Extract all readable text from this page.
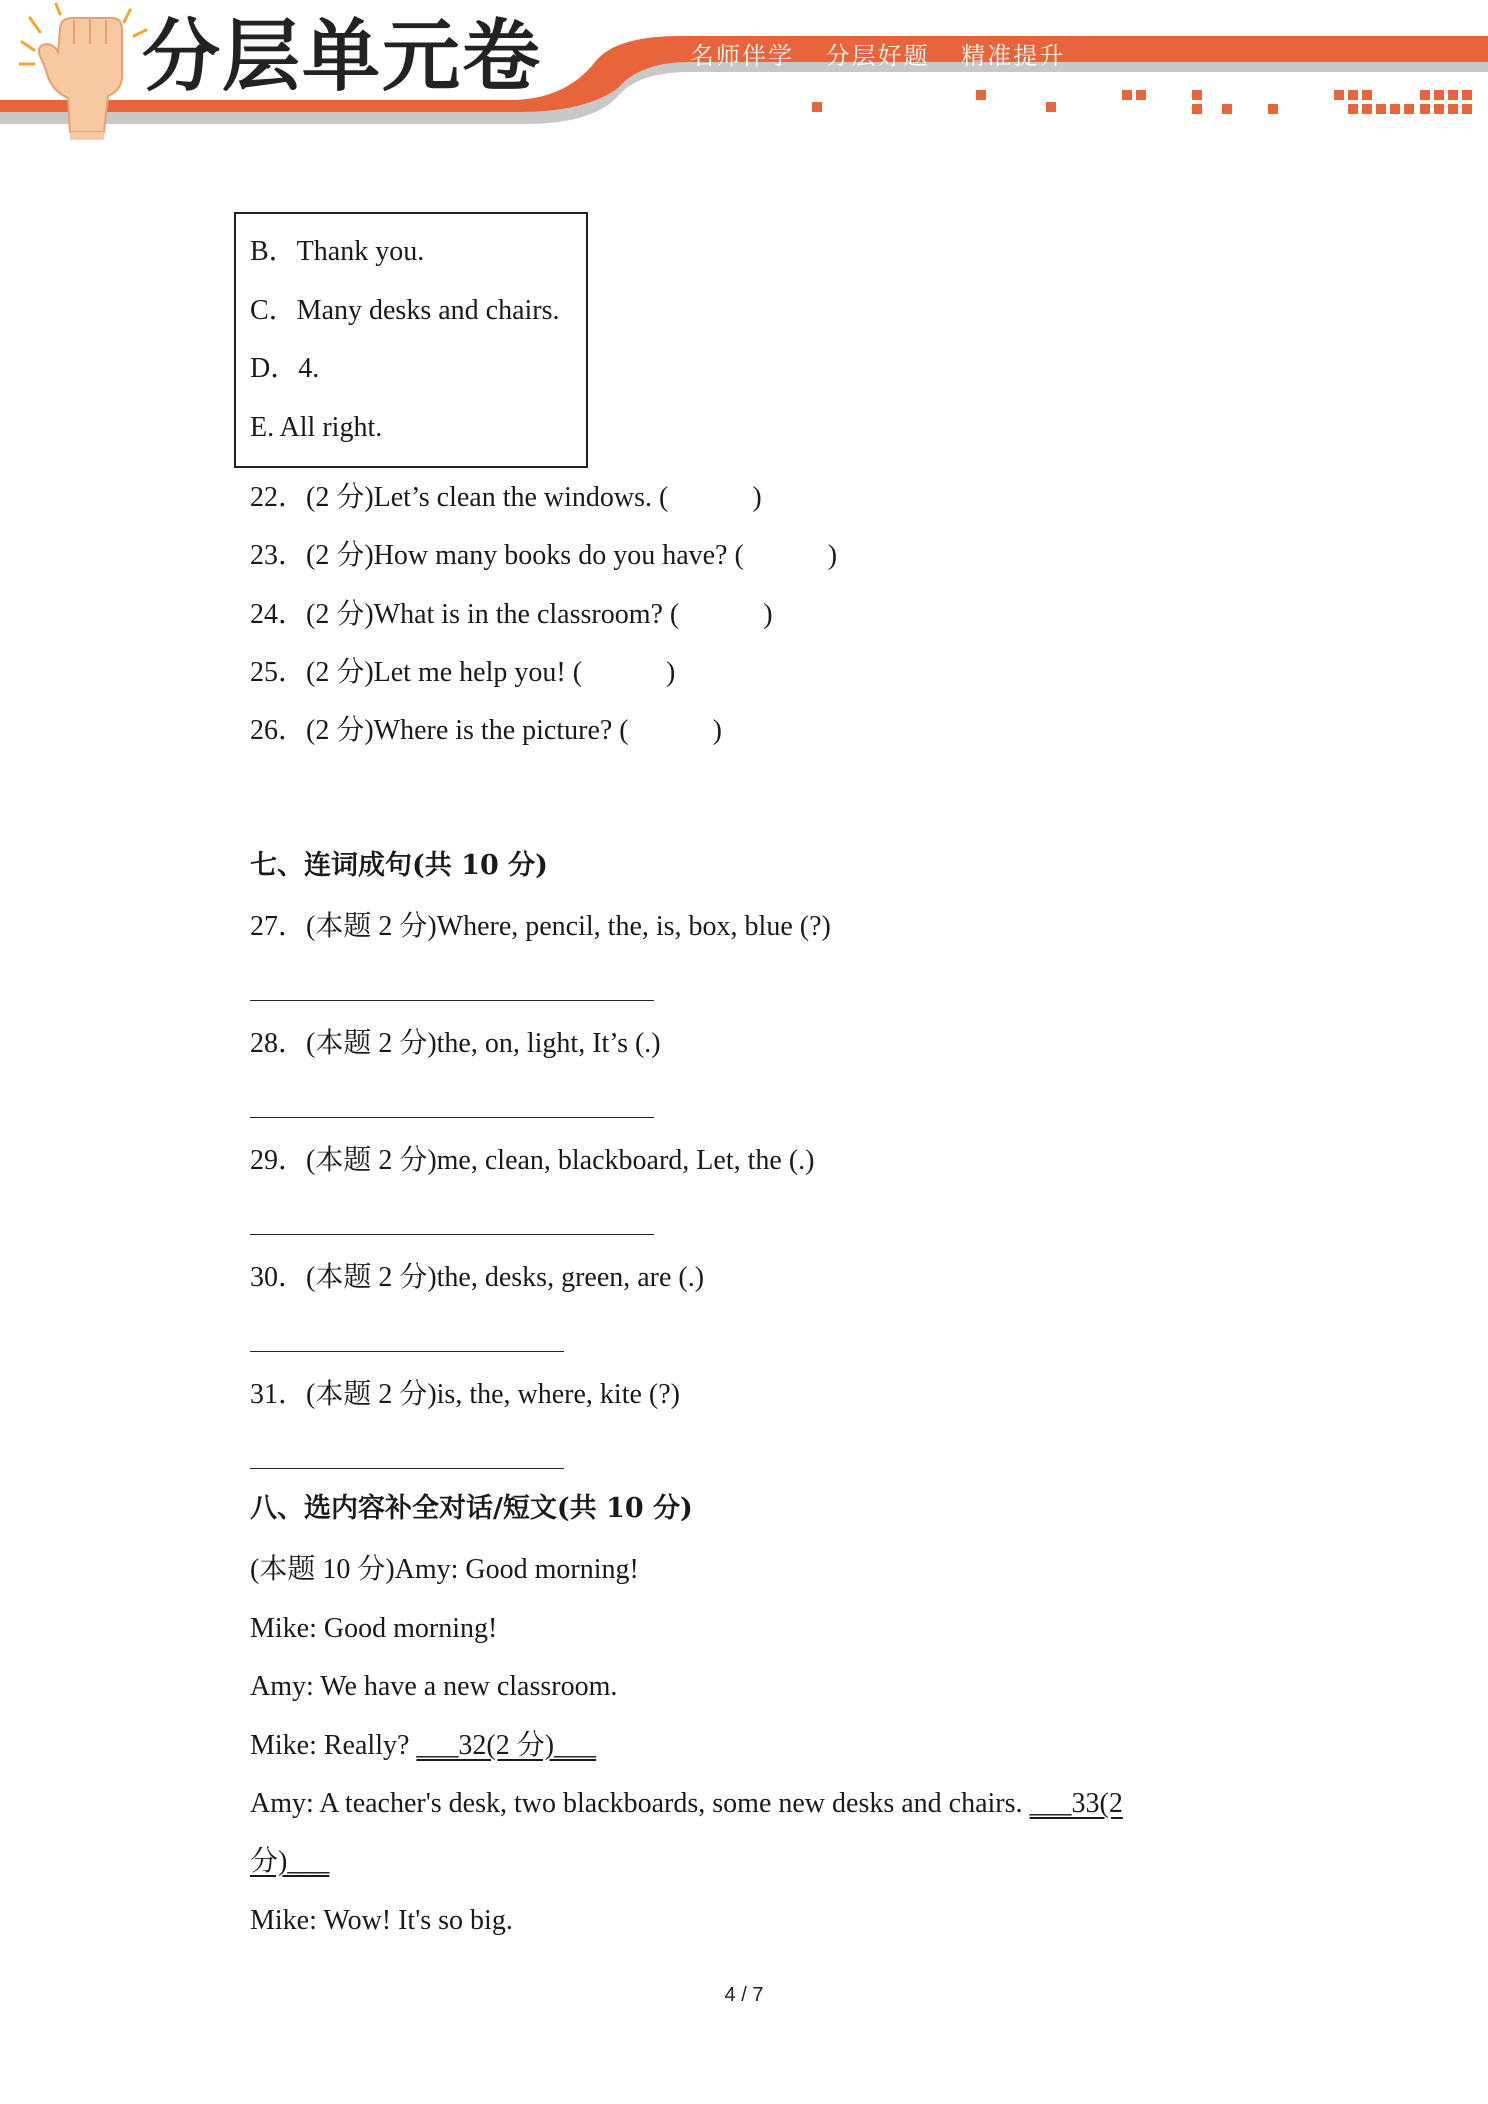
分层单元卷	名师伴学 分层好题 精准提升
B．Thank you.
C．Many desks and chairs.
D．4.
E. All right.
22．(2 分)Let’s clean the windows. (　　　)
23．(2 分)How many books do you have? (　　　)
24．(2 分)What is in the classroom? (　　　)
25．(2 分)Let me help you! (　　　)
26．(2 分)Where is the picture? (　　　)
七、连词成句(共 10 分)
27．(本题 2 分)Where, pencil, the, is, box, blue (?)
28．(本题 2 分)the, on, light, It’s (.)
29．(本题 2 分)me, clean, blackboard, Let, the (.)
30．(本题 2 分)the, desks, green, are (.)
31．(本题 2 分)is, the, where, kite (?)
八、选内容补全对话/短文(共 10 分)
(本题 10 分)Amy: Good morning!
Mike: Good morning!
Amy: We have a new classroom.
Mike: Really? ___32(2 分)___
Amy: A teacher's desk, two blackboards, some new desks and chairs. ___33(2
分)___
Mike: Wow! It's so big.
4 / 7
